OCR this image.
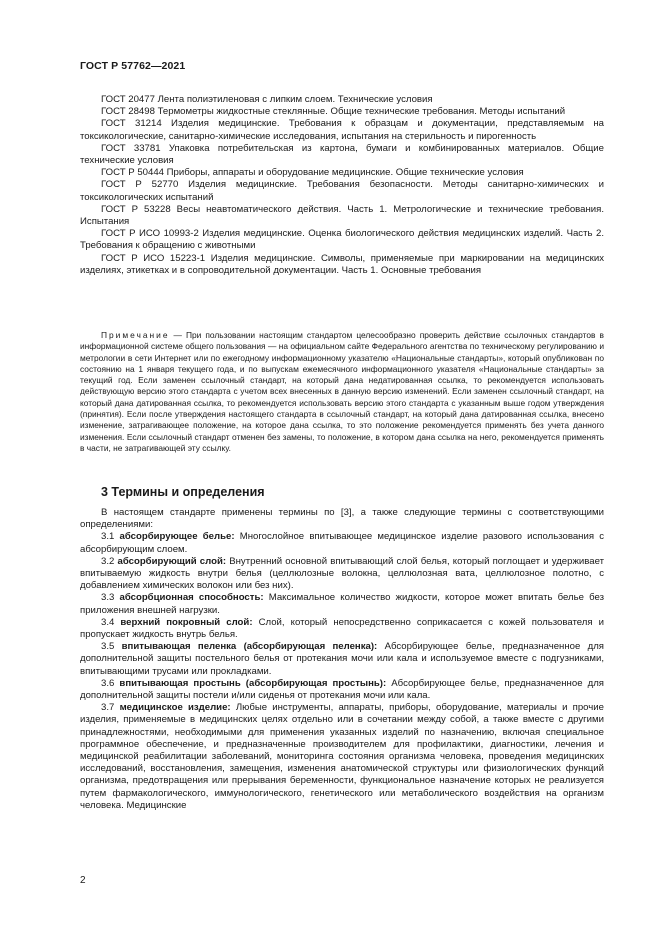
ГОСТ Р 57762—2021

ГОСТ 20477 Лента полиэтиленовая с липким слоем. Технические условия

ГОСТ 28498 Термометры жидкостные стеклянные. Общие технические требования. Методы испытаний

ГОСТ 31214 Изделия медицинские. Требования к образцам и документации, представляемым на токсикологические, санитарно-химические исследования, испытания на стерильность и пирогенность

ГОСТ 33781 Упаковка потребительская из картона, бумаги и комбинированных материалов. Общие технические условия

ГОСТ Р 50444 Приборы, аппараты и оборудование медицинские. Общие технические условия

ГОСТ Р 52770 Изделия медицинские. Требования безопасности. Методы санитарно-химических и токсикологических испытаний

ГОСТ Р 53228 Весы неавтоматического действия. Часть 1. Метрологические и технические требования. Испытания

ГОСТ Р ИСО 10993-2 Изделия медицинские. Оценка биологического действия медицинских изделий. Часть 2. Требования к обращению с животными

ГОСТ Р ИСО 15223-1 Изделия медицинские. Символы, применяемые при маркировании на медицинских изделиях, этикетках и в сопроводительной документации. Часть 1. Основные требования

Примечание — При пользовании настоящим стандартом целесообразно проверить действие ссылочных стандартов в информационной системе общего пользования — на официальном сайте Федерального агентства по техническому регулированию и метрологии в сети Интернет или по ежегодному информационному указателю «Национальные стандарты», который опубликован по состоянию на 1 января текущего года, и по выпускам ежемесячного информационного указателя «Национальные стандарты» за текущий год. Если заменен ссылочный стандарт, на который дана недатированная ссылка, то рекомендуется использовать действующую версию этого стандарта с учетом всех внесенных в данную версию изменений. Если заменен ссылочный стандарт, на который дана датированная ссылка, то рекомендуется использовать версию этого стандарта с указанным выше годом утверждения (принятия). Если после утверждения настоящего стандарта в ссылочный стандарт, на который дана датированная ссылка, внесено изменение, затрагивающее положение, на которое дана ссылка, то это положение рекомендуется применять без учета данного изменения. Если ссылочный стандарт отменен без замены, то положение, в котором дана ссылка на него, рекомендуется применять в части, не затрагивающей эту ссылку.

3 Термины и определения

В настоящем стандарте применены термины по [3], а также следующие термины с соответствующими определениями:

3.1 абсорбирующее белье: Многослойное впитывающее медицинское изделие разового использования с абсорбирующим слоем.

3.2 абсорбирующий слой: Внутренний основной впитывающий слой белья, который поглощает и удерживает впитываемую жидкость внутри белья (целлюлозные волокна, целлюлозная вата, целлюлозное полотно, с добавлением химических волокон или без них).

3.3 абсорбционная способность: Максимальное количество жидкости, которое может впитать белье без приложения внешней нагрузки.

3.4 верхний покровный слой: Слой, который непосредственно соприкасается с кожей пользователя и пропускает жидкость внутрь белья.

3.5 впитывающая пеленка (абсорбирующая пеленка): Абсорбирующее белье, предназначенное для дополнительной защиты постельного белья от протекания мочи или кала и используемое вместе с подгузниками, впитывающими трусами или прокладками.

3.6 впитывающая простынь (абсорбирующая простынь): Абсорбирующее белье, предназначенное для дополнительной защиты постели и/или сиденья от протекания мочи или кала.

3.7 медицинское изделие: Любые инструменты, аппараты, приборы, оборудование, материалы и прочие изделия, применяемые в медицинских целях отдельно или в сочетании между собой, а также вместе с другими принадлежностями, необходимыми для применения указанных изделий по назначению, включая специальное программное обеспечение, и предназначенные производителем для профилактики, диагностики, лечения и медицинской реабилитации заболеваний, мониторинга состояния организма человека, проведения медицинских исследований, восстановления, замещения, изменения анатомической структуры или физиологических функций организма, предотвращения или прерывания беременности, функциональное назначение которых не реализуется путем фармакологического, иммунологического, генетического или метаболического воздействия на организм человека. Медицинские

2
